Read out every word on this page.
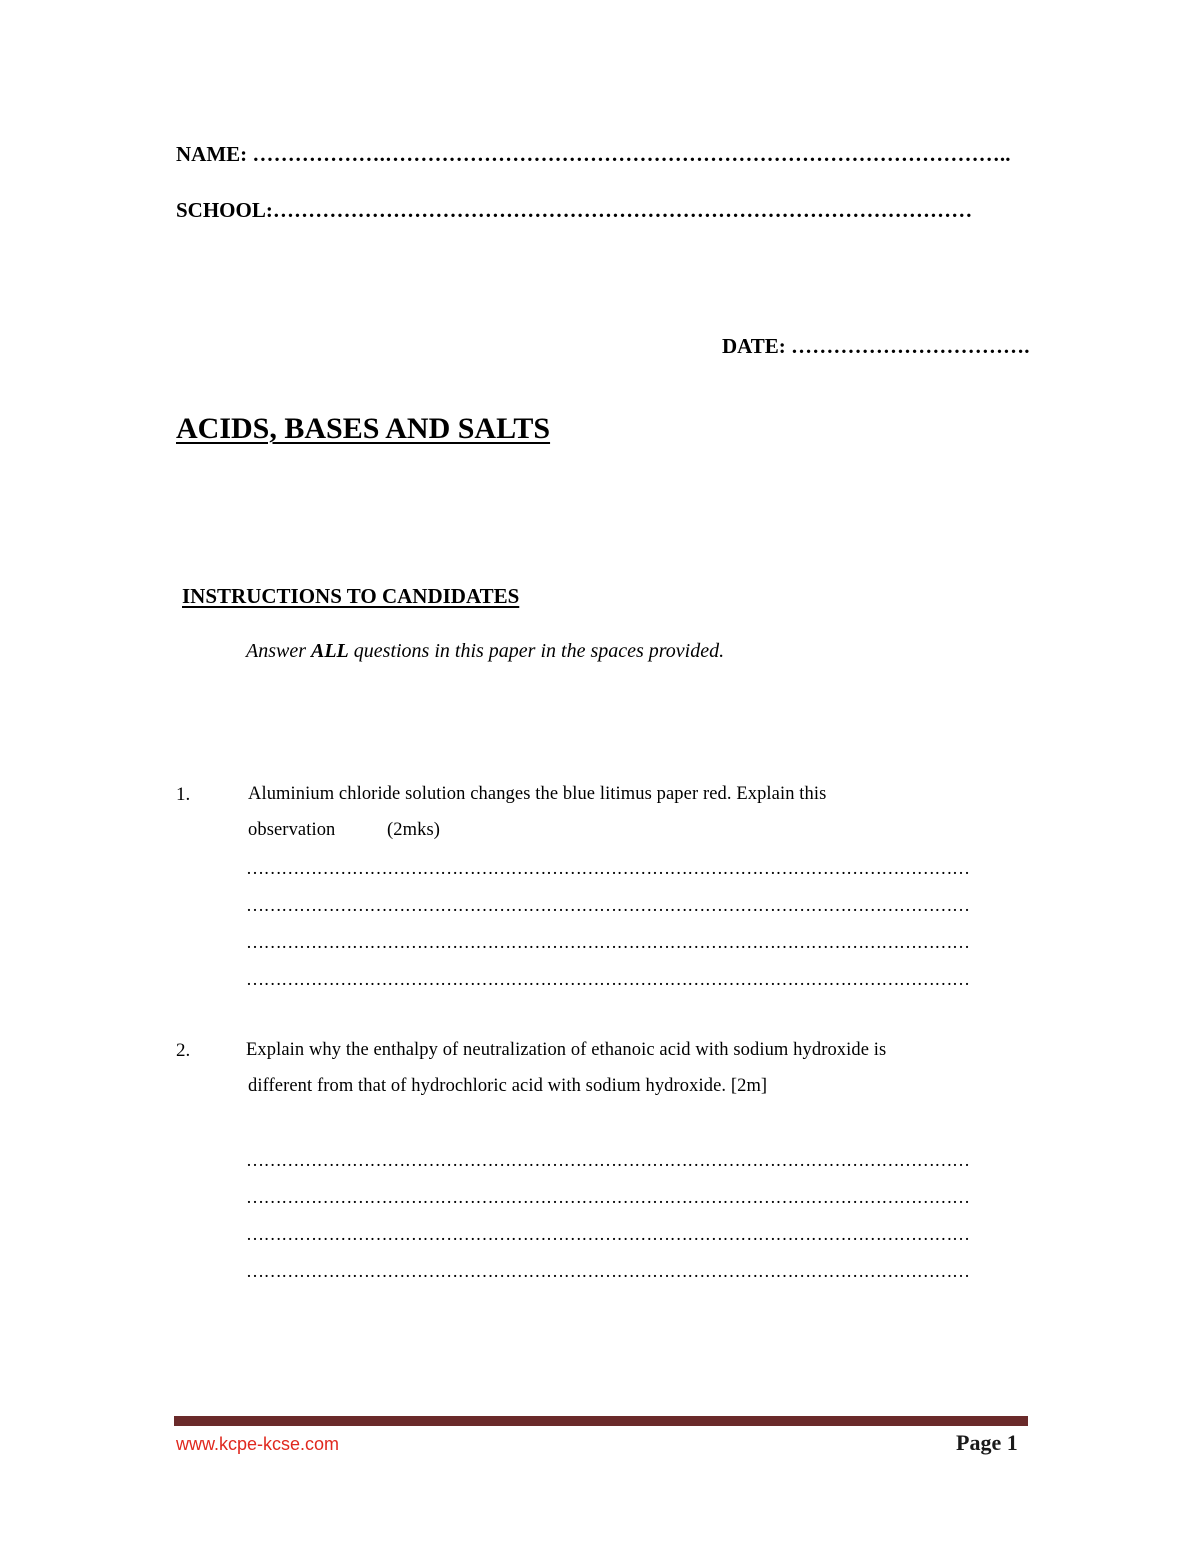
NAME: ……………….……………………………………………………………………………..
SCHOOL:………………………………………………………………………………………
DATE: …………………………….
ACIDS, BASES AND SALTS
INSTRUCTIONS TO CANDIDATES
Answer ALL questions in this paper in the spaces provided.
1.	Aluminium chloride solution changes the blue litimus paper red. Explain this
observation	(2mks)
……………………………………………………………………………………………………………
……………………………………………………………………………………………………………
……………………………………………………………………………………………………………
……………………………………………………………………………………………………………
2.	Explain why the enthalpy of neutralization of ethanoic acid with sodium hydroxide is
different from that of hydrochloric acid with sodium hydroxide. [2m]
……………………………………………………………………………………………………………
……………………………………………………………………………………………………………
……………………………………………………………………………………………………………
……………………………………………………………………………………………………………
www.kcpe-kcse.com	Page 1
